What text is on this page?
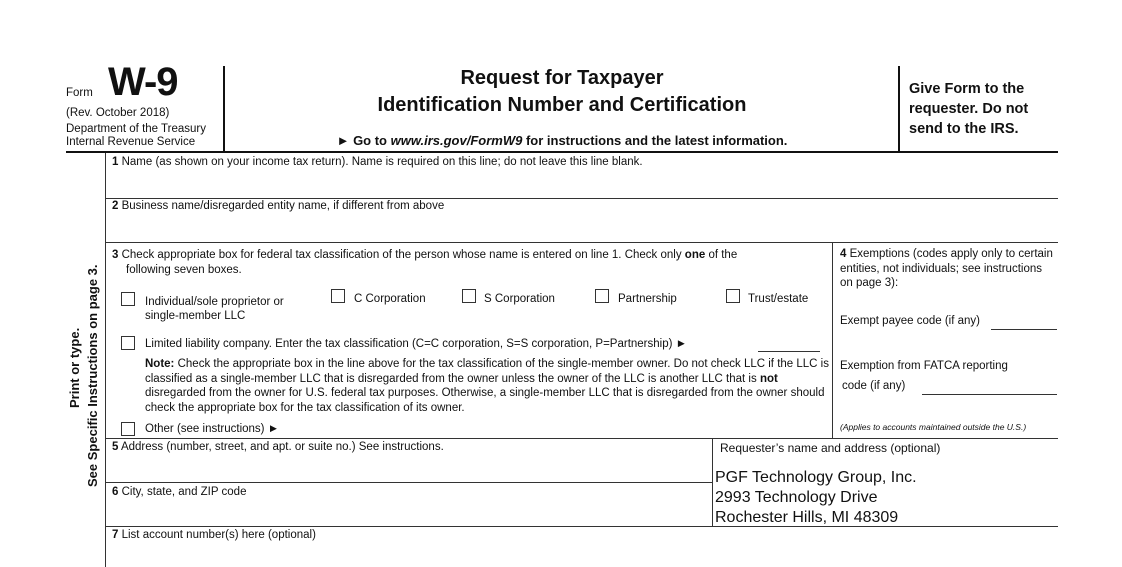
Form W-9
(Rev. October 2018)
Department of the Treasury
Internal Revenue Service
Request for Taxpayer
Identification Number and Certification
► Go to www.irs.gov/FormW9 for instructions and the latest information.
Give Form to the requester. Do not send to the IRS.
Print or type. See Specific Instructions on page 3.
1 Name (as shown on your income tax return). Name is required on this line; do not leave this line blank.
2 Business name/disregarded entity name, if different from above
3 Check appropriate box for federal tax classification of the person whose name is entered on line 1. Check only one of the
following seven boxes.
Individual/sole proprietor or single-member LLC
C Corporation	S Corporation	Partnership	Trust/estate
Limited liability company. Enter the tax classification (C=C corporation, S=S corporation, P=Partnership) ►
Note: Check the appropriate box in the line above for the tax classification of the single-member owner. Do not check LLC if the LLC is classified as a single-member LLC that is disregarded from the owner unless the owner of the LLC is another LLC that is not disregarded from the owner for U.S. federal tax purposes. Otherwise, a single-member LLC that is disregarded from the owner should check the appropriate box for the tax classification of its owner.
Other (see instructions) ►
4 Exemptions (codes apply only to certain entities, not individuals; see instructions on page 3):
Exempt payee code (if any)
Exemption from FATCA reporting
code (if any)
(Applies to accounts maintained outside the U.S.)
5 Address (number, street, and apt. or suite no.) See instructions.
6 City, state, and ZIP code
Requester’s name and address (optional)
PGF Technology Group, Inc.
2993 Technology Drive
Rochester Hills, MI 48309
7 List account number(s) here (optional)
